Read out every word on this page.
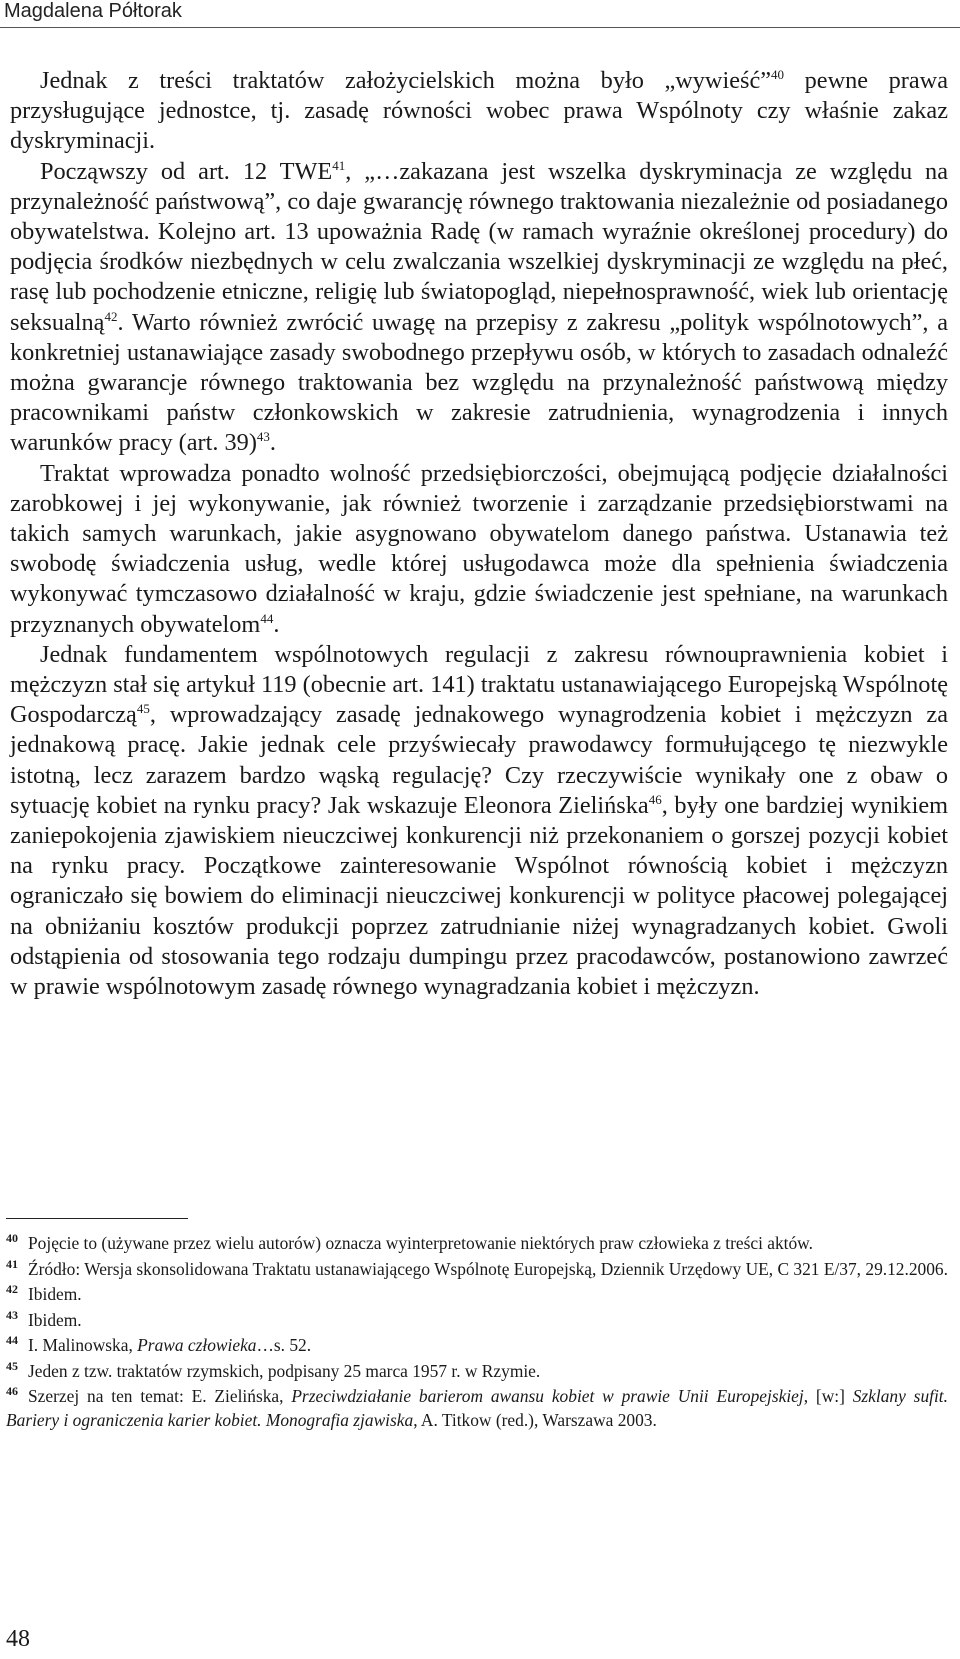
Magdalena Półtorak

Jednak z treści traktatów założycielskich można było „wywieść”$^{40}$ pewne prawa przysługujące jednostce, tj. zasadę równości wobec prawa Wspólnoty czy właśnie zakaz dyskryminacji.

Począwszy od art. 12 TWE$^{41}$, „…zakazana jest wszelka dyskryminacja ze względu na przynależność państwową”, co daje gwarancję równego traktowania niezależnie od posiadanego obywatelstwa. Kolejno art. 13 upoważnia Radę (w ramach wyraźnie określonej procedury) do podjęcia środków niezbędnych w celu zwalczania wszelkiej dyskryminacji ze względu na płeć, rasę lub pochodzenie etniczne, religię lub światopogląd, niepełnosprawność, wiek lub orientację seksualną$^{42}$. Warto również zwrócić uwagę na przepisy z zakresu „polityk wspólnotowych”, a konkretniej ustanawiające zasady swobodnego przepływu osób, w których to zasadach odnaleźć można gwarancje równego traktowania bez względu na przynależność państwową między pracownikami państw członkowskich w zakresie zatrudnienia, wynagrodzenia i innych warunków pracy (art. 39)$^{43}$.

Traktat wprowadza ponadto wolność przedsiębiorczości, obejmującą podjęcie działalności zarobkowej i jej wykonywanie, jak również tworzenie i zarządzanie przedsiębiorstwami na takich samych warunkach, jakie asygnowano obywatelom danego państwa. Ustanawia też swobodę świadczenia usług, wedle której usługodawca może dla spełnienia świadczenia wykonywać tymczasowo działalność w kraju, gdzie świadczenie jest spełniane, na warunkach przyznanych obywatelom$^{44}$.

Jednak fundamentem wspólnotowych regulacji z zakresu równouprawnienia kobiet i mężczyzn stał się artykuł 119 (obecnie art. 141) traktatu ustanawiającego Europejską Wspólnotę Gospodarczą$^{45}$, wprowadzający zasadę jednakowego wynagrodzenia kobiet i mężczyzn za jednakową pracę. Jakie jednak cele przyświecały prawodawcy formułującego tę niezwykle istotną, lecz zarazem bardzo wąską regulację? Czy rzeczywiście wynikały one z obaw o sytuację kobiet na rynku pracy? Jak wskazuje Eleonora Zielińska$^{46}$, były one bardziej wynikiem zaniepokojenia zjawiskiem nieuczciwej konkurencji niż przekonaniem o gorszej pozycji kobiet na rynku pracy. Początkowe zainteresowanie Wspólnot równością kobiet i mężczyzn ograniczało się bowiem do eliminacji nieuczciwej konkurencji w polityce płacowej polegającej na obniżaniu kosztów produkcji poprzez zatrudnianie niżej wynagradzanych kobiet. Gwoli odstąpienia od stosowania tego rodzaju dumpingu przez pracodawców, postanowiono zawrzeć w prawie wspólnotowym zasadę równego wynagradzania kobiet i mężczyzn.

$^{40}$ Pojęcie to (używane przez wielu autorów) oznacza wyinterpretowanie niektórych praw człowieka z treści aktów.
$^{41}$ Źródło: Wersja skonsolidowana Traktatu ustanawiającego Wspólnotę Europejską, Dziennik Urzędowy UE, C 321 E/37, 29.12.2006.
$^{42}$ Ibidem.
$^{43}$ Ibidem.
$^{44}$ I. Malinowska, Prawa człowieka…s. 52.
$^{45}$ Jeden z tzw. traktatów rzymskich, podpisany 25 marca 1957 r. w Rzymie.
$^{46}$ Szerzej na ten temat: E. Zielińska, Przeciwdziałanie barierom awansu kobiet w prawie Unii Europejskiej, [w:] Szklany sufit. Bariery i ograniczenia karier kobiet. Monografia zjawiska, A. Titkow (red.), Warszawa 2003.
48
